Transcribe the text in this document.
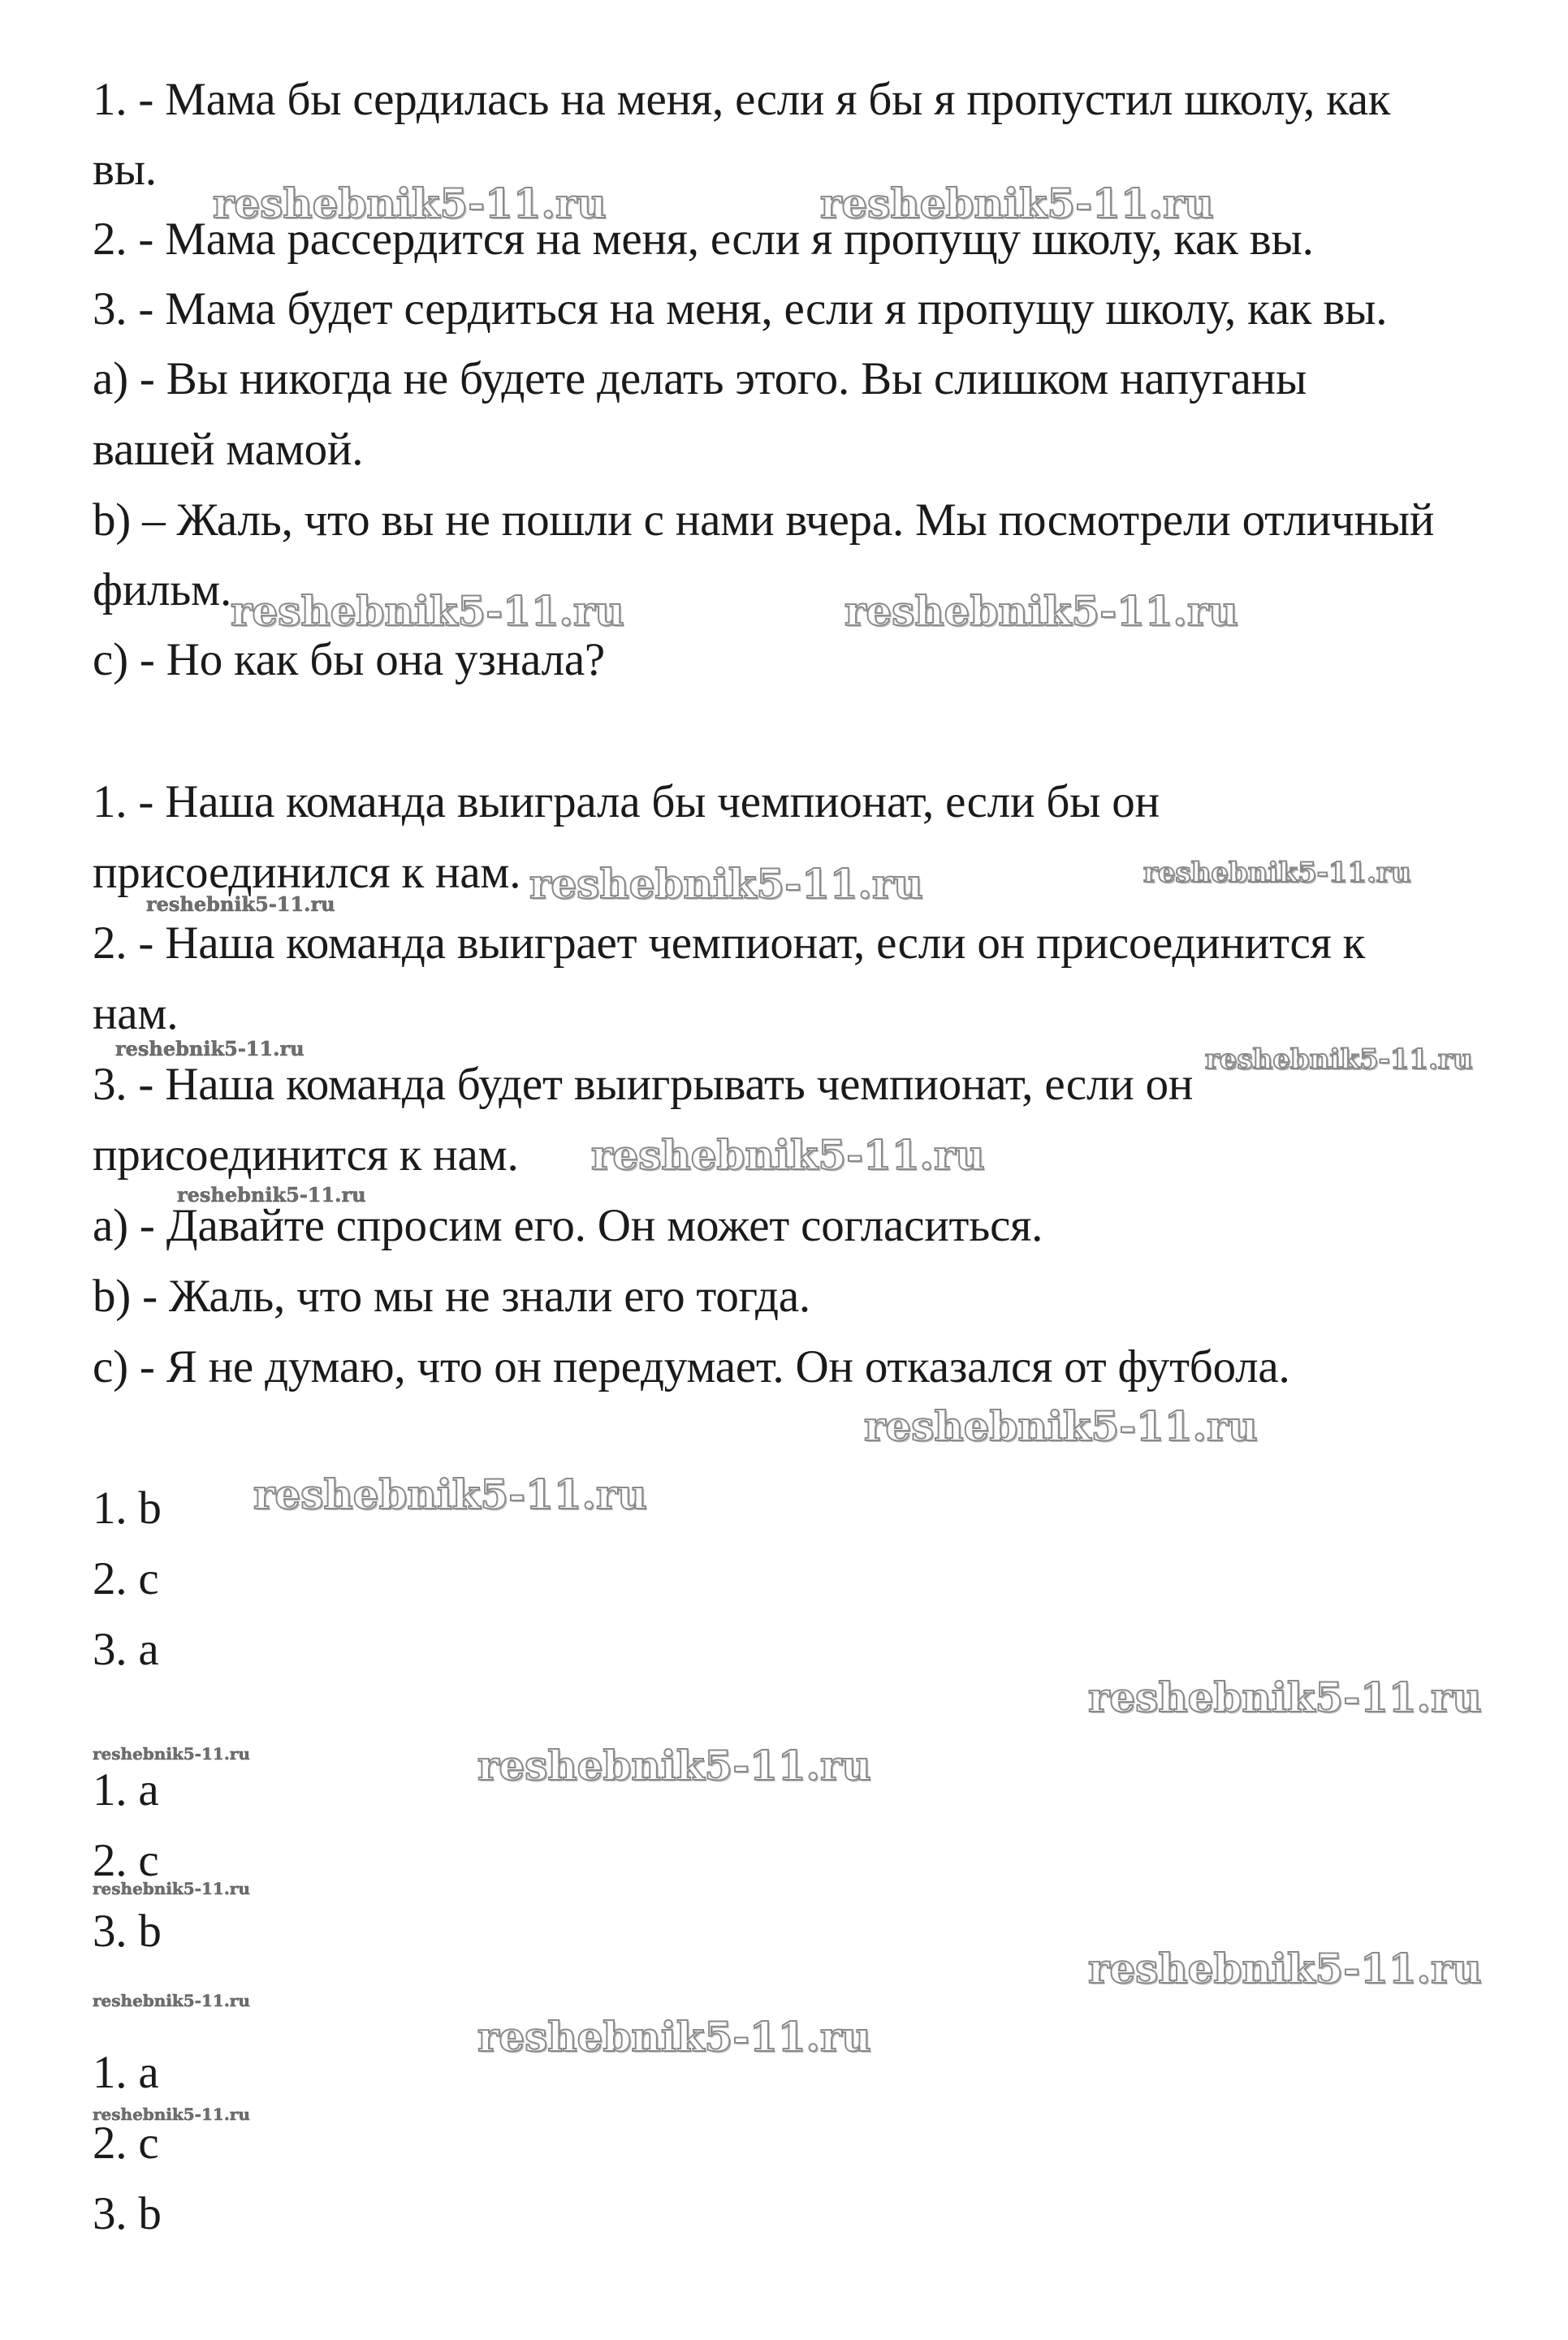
1. - Мама бы сердилась на меня, если я бы я пропустил школу, как
вы.
2. - Мама рассердится на меня, если я пропущу школу, как вы.
3. - Мама будет сердиться на меня, если я пропущу школу, как вы.
а) - Вы никогда не будете делать этого. Вы слишком напуганы
вашей мамой.
b) – Жаль, что вы не пошли с нами вчера. Мы посмотрели отличный
фильм.
с) - Но как бы она узнала?
1. - Наша команда выиграла бы чемпионат, если бы он
присоединился к нам.
2. - Наша команда выиграет чемпионат, если он присоединится к
нам.
3. - Наша команда будет выигрывать чемпионат, если он
присоединится к нам.
а) - Давайте спросим его. Он может согласиться.
b) - Жаль, что мы не знали его тогда.
с) - Я не думаю, что он передумает. Он отказался от футбола.
1. b
2. с
3. а
1. а
2. с
3. b
1. а
2. с
3. b
reshebnik5-11.ru	reshebnik5-11.ru
reshebnik5-11.ru	reshebnik5-11.ru
reshebnik5-11.ru
reshebnik5-11.ru
reshebnik5-11.ru
reshebnik5-11.ru
reshebnik5-11.ru
reshebnik5-11.ru
reshebnik5-11.ru
reshebnik5-11.ru
reshebnik5-11.ru
reshebnik5-11.ru
reshebnik5-11.ru
reshebnik5-11.ru
reshebnik5-11.ru
reshebnik5-11.ru
reshebnik5-11.ru
reshebnik5-11.ru
reshebnik5-11.ru
